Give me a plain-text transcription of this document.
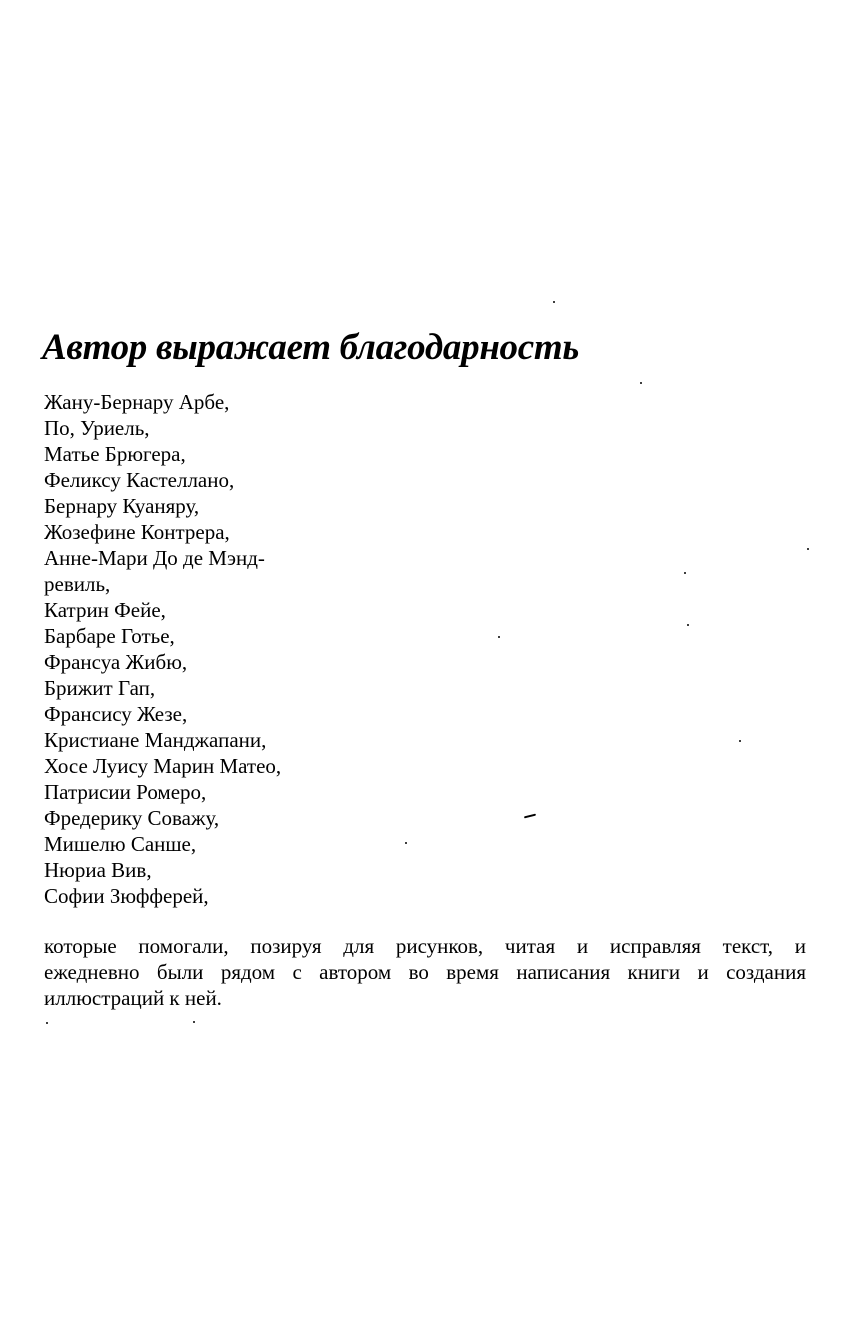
Автор выражает благодарность
Жану-Бернару Арбе,
По, Уриель,
Матье Брюгера,
Феликсу Кастеллано,
Бернару Куаняру,
Жозефине Контрера,
Анне-Мари До де Мэнд-
ревиль,
Катрин Фейе,
Барбаре Готье,
Франсуа Жибю,
Брижит Гап,
Франсису Жезе,
Кристиане Манджапани,
Хосе Луису Марин Матео,
Патрисии Ромеро,
Фредерику Соважу,
Мишелю Санше,
Нюриа Вив,
Софии Зюфферей,

которые помогали, позируя для рисунков, читая и исправляя текст, и
ежедневно были рядом с автором во время написания книги и создания
иллюстраций к ней.
